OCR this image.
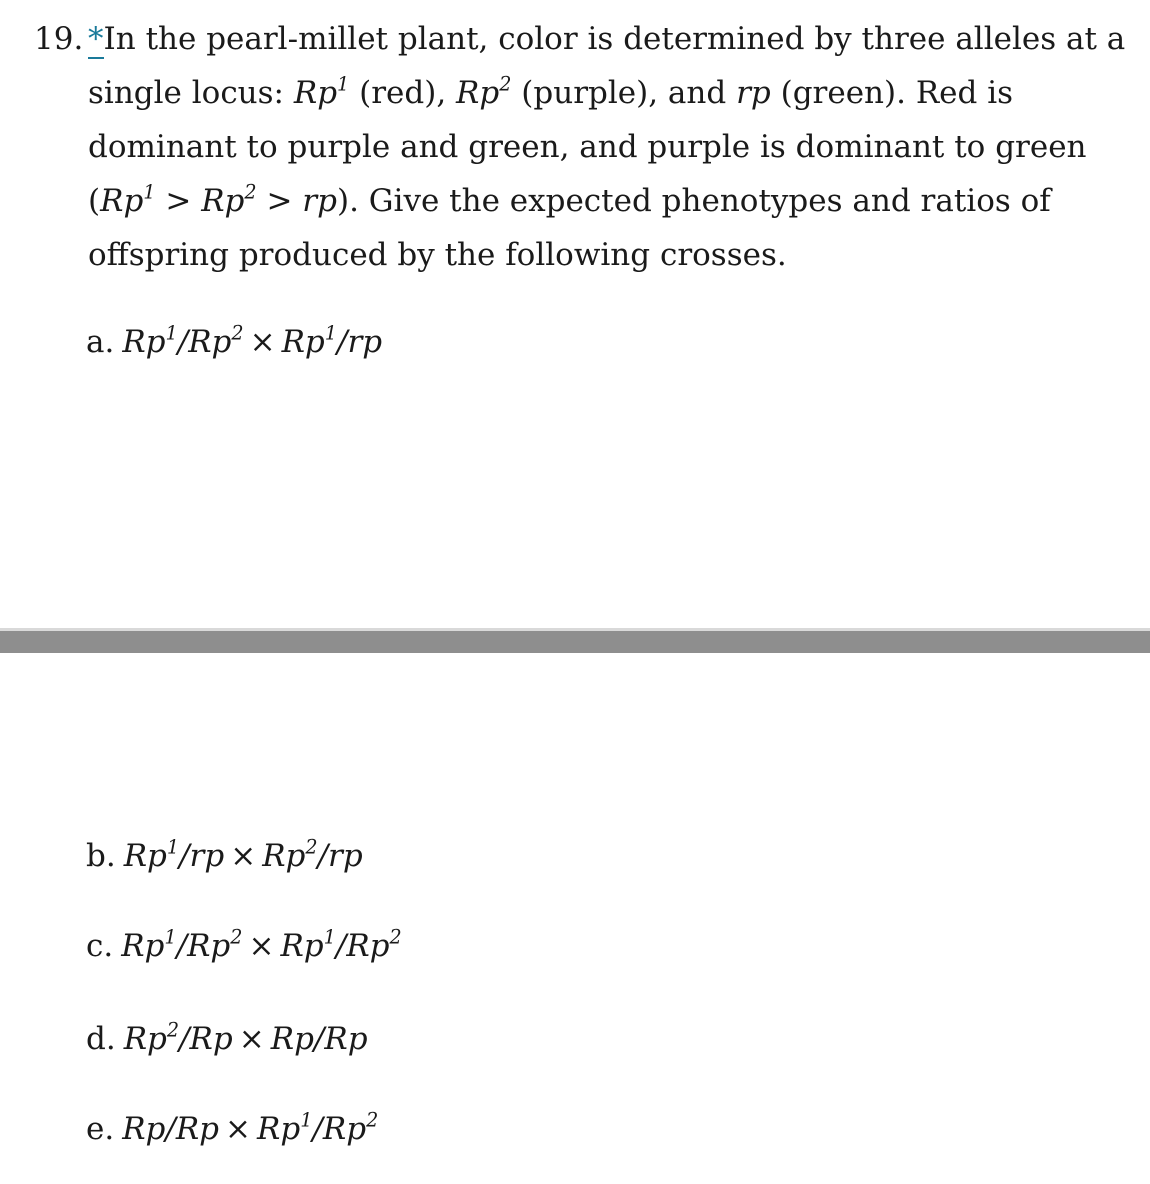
19. *In the pearl-millet plant, color is determined by three alleles at a single locus: Rp$^1$ (red), Rp$^2$ (purple), and rp (green). Red is dominant to purple and green, and purple is dominant to green $(Rp^1 > Rp^2 > rp)$. Give the expected phenotypes and ratios of offspring produced by the following crosses.
a. $Rp^1/Rp^2 \times Rp^1/rp$
b. $Rp^1/rp \times Rp^2/rp$
c. $Rp^1/Rp^2 \times Rp^1/Rp^2$
d. $Rp^2/Rp \times Rp/Rp$
e. $Rp/Rp \times Rp^1/Rp^2$
